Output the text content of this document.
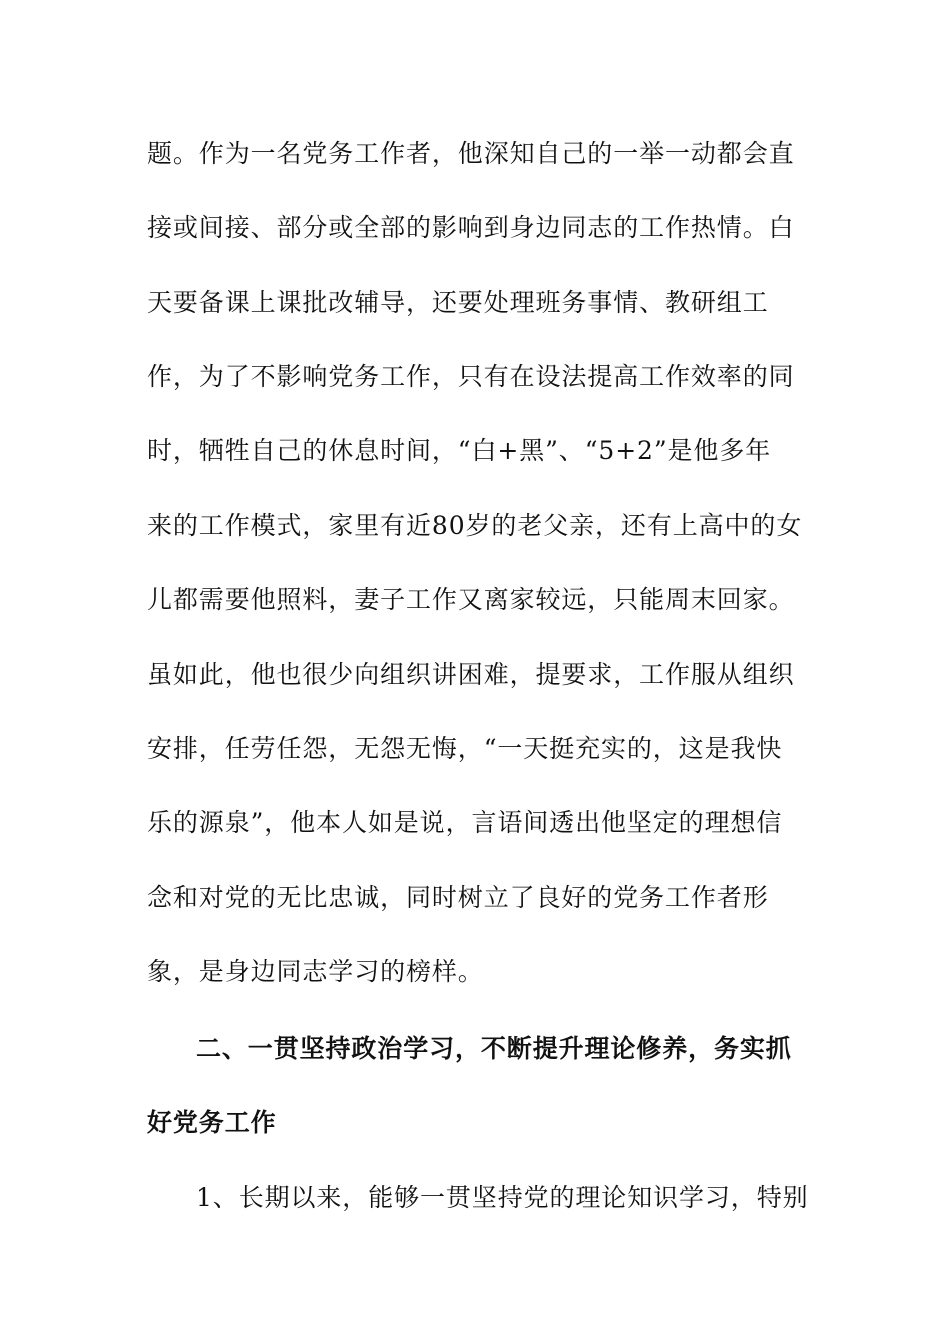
题。作为一名党务工作者，他深知自己的一举一动都会直
接或间接、部分或全部的影响到身边同志的工作热情。白
天要备课上课批改辅导，还要处理班务事情、教研组工
作，为了不影响党务工作，只有在设法提高工作效率的同
时，牺牲自己的休息时间，“白+黑”、“5+2”是他多年
来的工作模式，家里有近80岁的老父亲，还有上高中的女
儿都需要他照料，妻子工作又离家较远，只能周末回家。
虽如此，他也很少向组织讲困难，提要求，工作服从组织
安排，任劳任怨，无怨无悔，“一天挺充实的，这是我快
乐的源泉”，他本人如是说，言语间透出他坚定的理想信
念和对党的无比忠诚，同时树立了良好的党务工作者形
象，是身边同志学习的榜样。
二、一贯坚持政治学习，不断提升理论修养，务实抓
好党务工作
1、长期以来，能够一贯坚持党的理论知识学习，特别
